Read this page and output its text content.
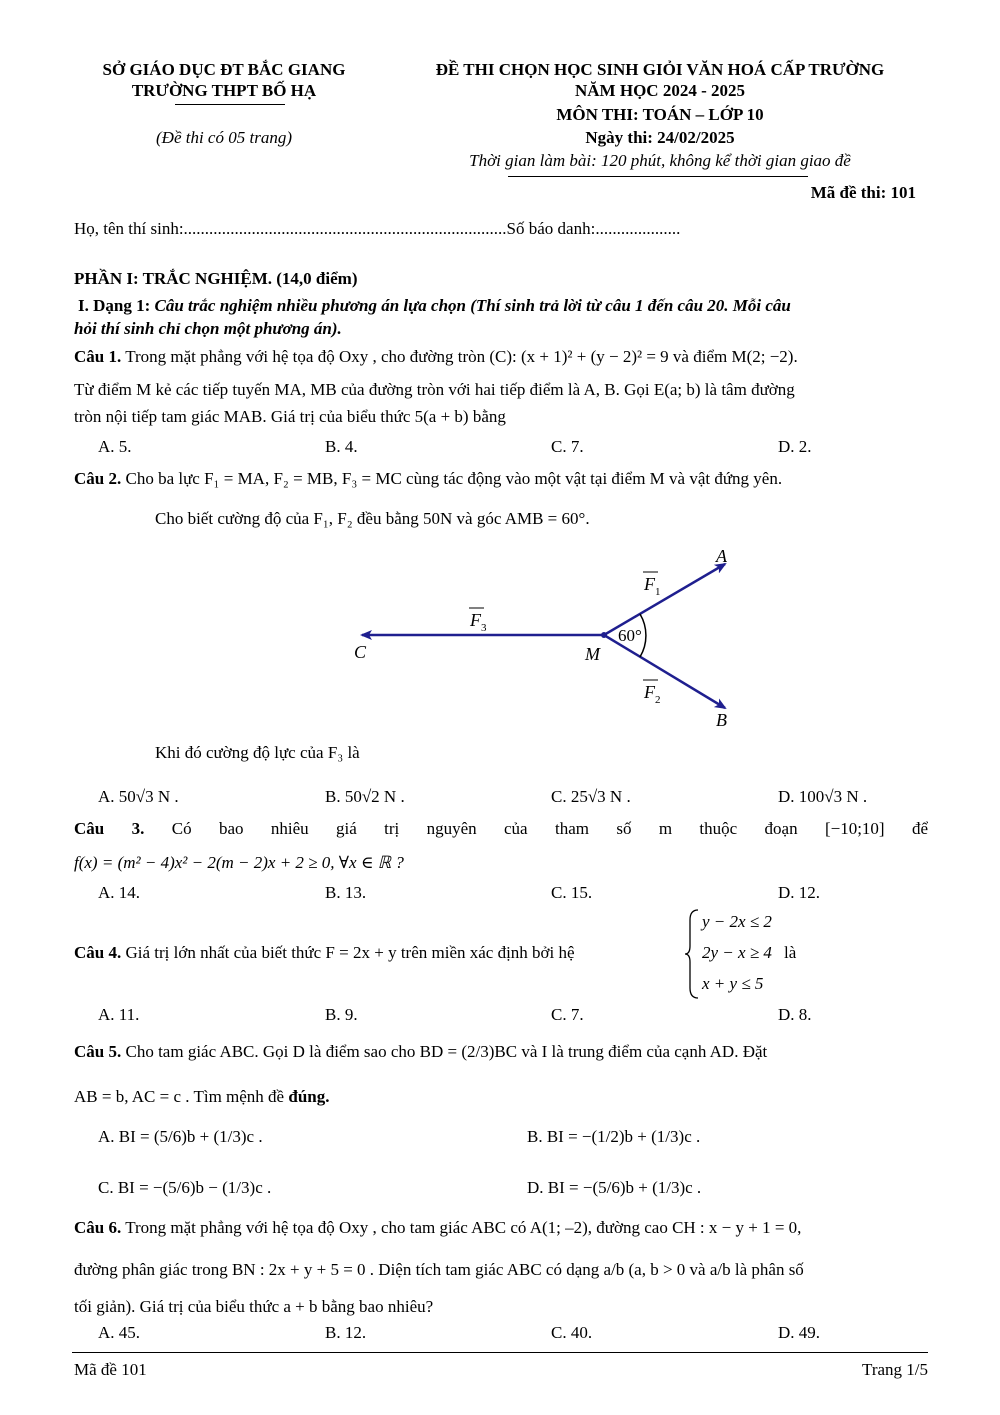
SỞ GIÁO DỤC ĐT BẮC GIANG
TRƯỜNG THPT BỐ HẠ
(Đề thi có 05 trang)
ĐỀ THI CHỌN HỌC SINH GIỎI VĂN HOÁ CẤP TRƯỜNG
NĂM HỌC 2024 - 2025
MÔN THI: TOÁN – LỚP 10
Ngày thi: 24/02/2025
Thời gian làm bài: 120 phút, không kể thời gian giao đề
Mã đề thi: 101
Họ, tên thí sinh:............................................................................Số báo danh:....................
PHẦN I: TRẮC NGHIỆM. (14,0 điểm)
I. Dạng 1: Câu trắc nghiệm nhiều phương án lựa chọn (Thí sinh trả lời từ câu 1 đến câu 20. Mỗi câu
hỏi thí sinh chỉ chọn một phương án).
Câu 1. Trong mặt phẳng với hệ tọa độ Oxy , cho đường tròn (C): (x + 1)² + (y − 2)² = 9 và điểm M(2; −2).
Từ điểm M kẻ các tiếp tuyến MA, MB của đường tròn với hai tiếp điểm là A, B. Gọi E(a; b) là tâm đường
tròn nội tiếp tam giác MAB. Giá trị của biểu thức 5(a + b) bằng
A. 5.	B. 4.	C. 7.	D. 2.
Câu 2. Cho ba lực F₁ = MA, F₂ = MB, F₃ = MC cùng tác động vào một vật tại điểm M và vật đứng yên.
Cho biết cường độ của F₁, F₂ đều bằng 50N và góc AMB = 60°.
A
B
C	M
60°
F 1
F 3
F 2
Khi đó cường độ lực của F₃ là
A. 50√3 N .	B. 50√2 N .	C. 25√3 N .	D. 100√3 N .
Câu 3. Có bao nhiêu giá trị nguyên của tham số m thuộc đoạn [−10;10] để
f(x) = (m² − 4)x² − 2(m − 2)x + 2 ≥ 0, ∀x ∈ ℝ ?
A. 14.	B. 13.	C. 15.	D. 12.
Câu 4. Giá trị lớn nhất của biết thức F = 2x + y trên miền xác định bởi hệ
y − 2x ≤ 2
2y − x ≥ 4
x + y ≤ 5
là
A. 11.	B. 9.	C. 7.	D. 8.
Câu 5. Cho tam giác ABC. Gọi D là điểm sao cho BD = (2/3)BC và I là trung điểm của cạnh AD. Đặt
AB = b, AC = c . Tìm mệnh đề đúng.
A. BI = (5/6)b + (1/3)c .	B. BI = −(1/2)b + (1/3)c .
C. BI = −(5/6)b − (1/3)c .	D. BI = −(5/6)b + (1/3)c .
Câu 6. Trong mặt phẳng với hệ tọa độ Oxy , cho tam giác ABC có A(1; –2), đường cao CH : x − y + 1 = 0,
đường phân giác trong BN : 2x + y + 5 = 0 . Diện tích tam giác ABC có dạng a/b (a, b > 0 và a/b là phân số
tối giản). Giá trị của biểu thức a + b bằng bao nhiêu?
A. 45.	B. 12.	C. 40.	D. 49.
Mã đề 101	Trang 1/5
